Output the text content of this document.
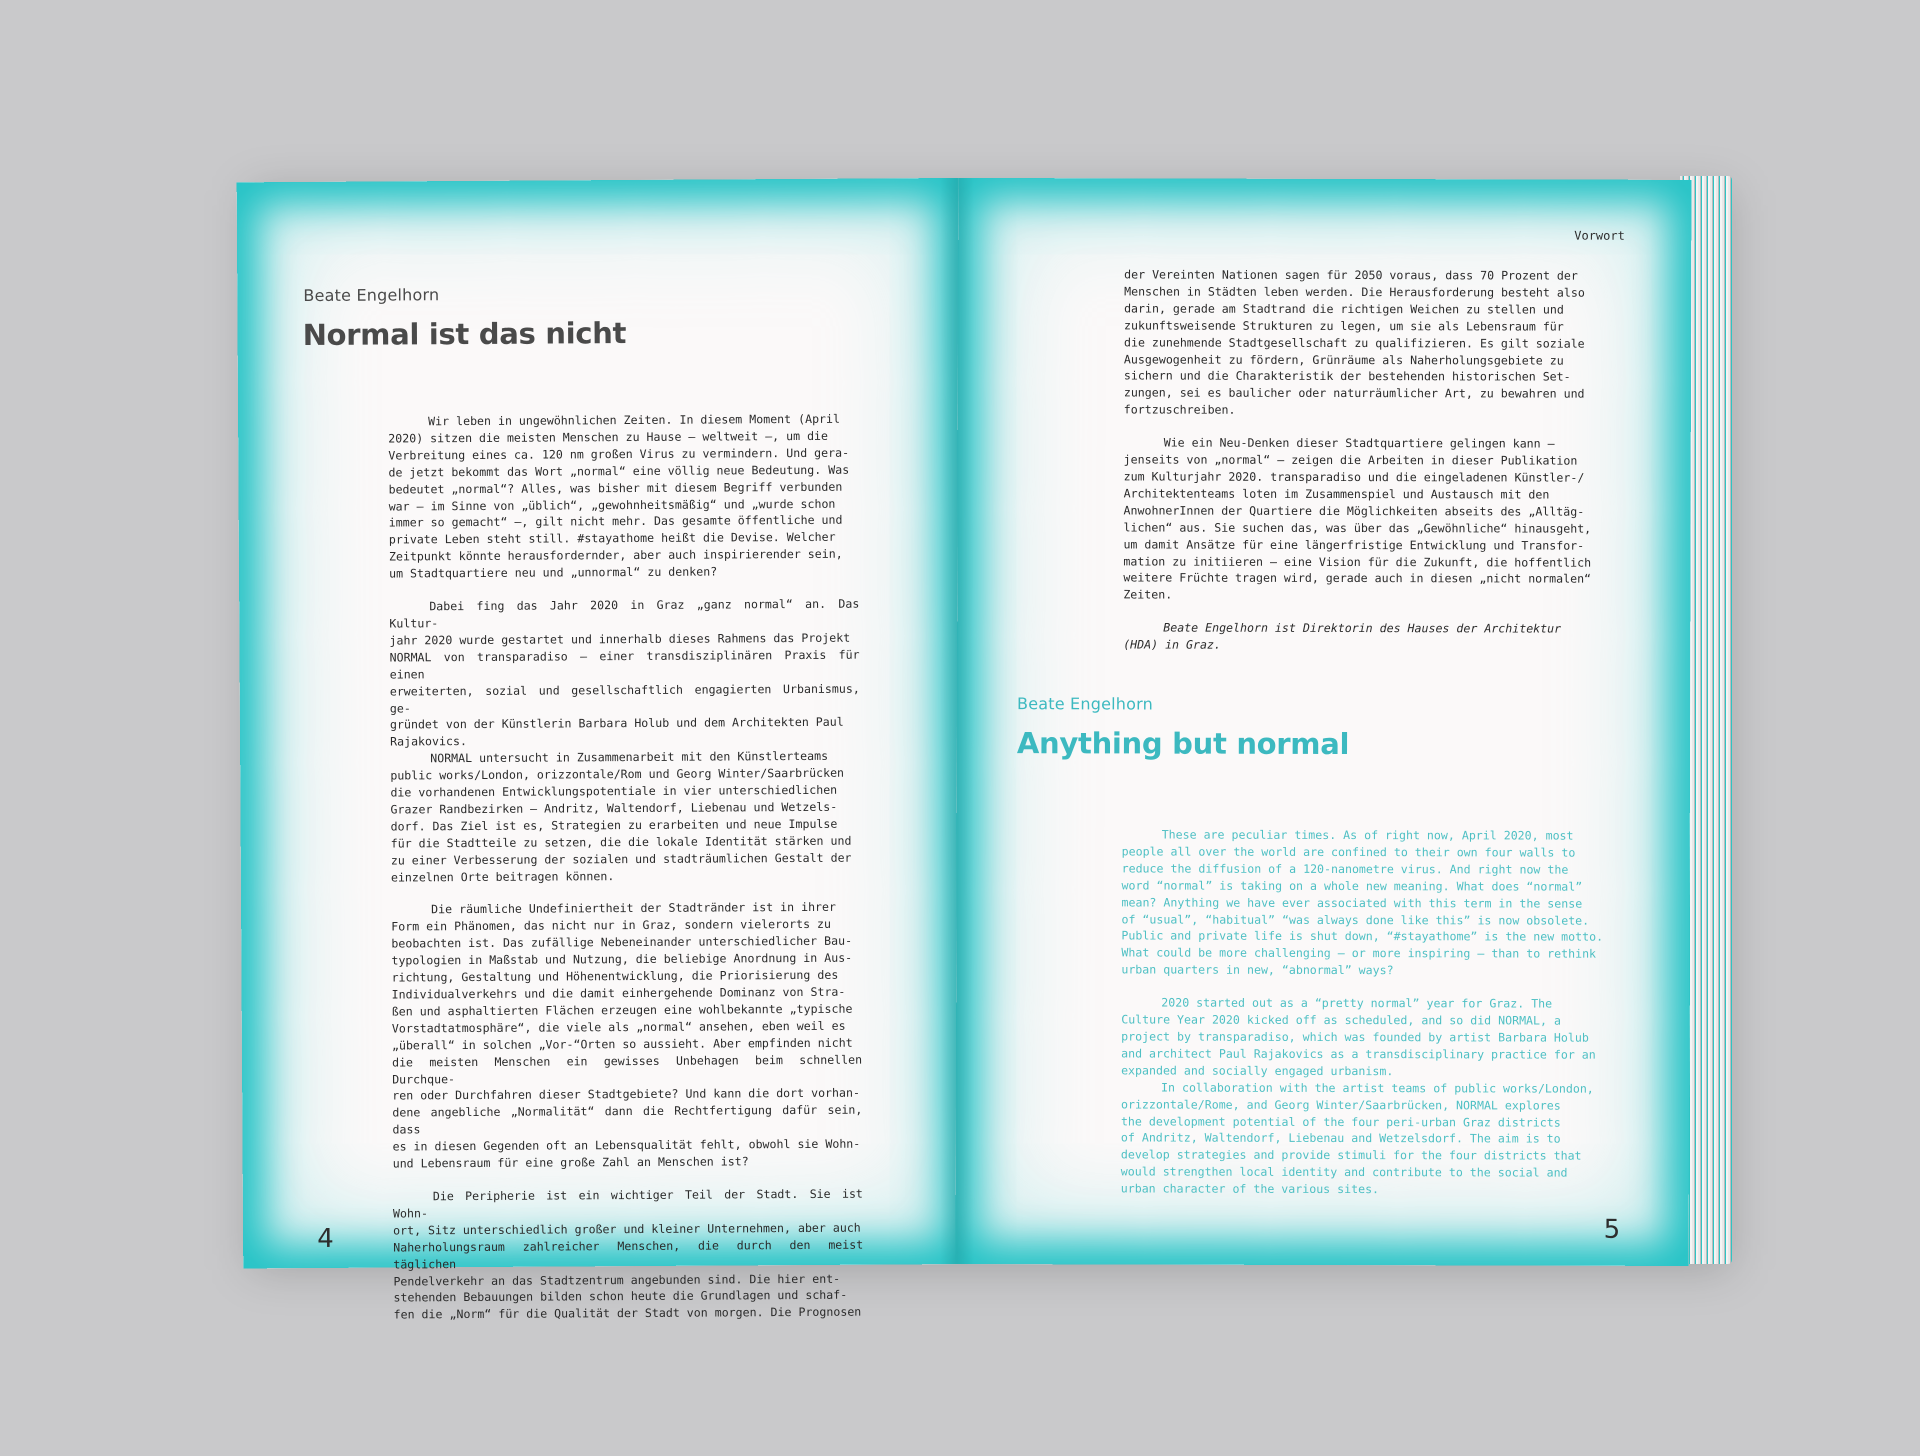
Beate Engelhorn
Normal ist das nicht

Wir leben in ungewöhnlichen Zeiten. In diesem Moment (April
2020) sitzen die meisten Menschen zu Hause – weltweit –, um die
Verbreitung eines ca. 120 nm großen Virus zu vermindern. Und gera-
de jetzt bekommt das Wort „normal“ eine völlig neue Bedeutung. Was
bedeutet „normal“? Alles, was bisher mit diesem Begriff verbunden
war – im Sinne von „üblich“, „gewohnheitsmäßig“ und „wurde schon
immer so gemacht“ –, gilt nicht mehr. Das gesamte öffentliche und
private Leben steht still. #stayathome heißt die Devise. Welcher
Zeitpunkt könnte herausfordernder, aber auch inspirierender sein,
um Stadtquartiere neu und „unnormal“ zu denken?

Dabei fing das Jahr 2020 in Graz „ganz normal“ an. Das Kultur-
jahr 2020 wurde gestartet und innerhalb dieses Rahmens das Projekt
NORMAL von transparadiso – einer transdisziplinären Praxis für einen
erweiterten, sozial und gesellschaftlich engagierten Urbanismus, ge-
gründet von der Künstlerin Barbara Holub und dem Architekten Paul
Rajakovics.

NORMAL untersucht in Zusammenarbeit mit den Künstlerteams
public works/London, orizzontale/Rom und Georg Winter/Saarbrücken
die vorhandenen Entwicklungspotentiale in vier unterschiedlichen
Grazer Randbezirken – Andritz, Waltendorf, Liebenau und Wetzels-
dorf. Das Ziel ist es, Strategien zu erarbeiten und neue Impulse
für die Stadtteile zu setzen, die die lokale Identität stärken und
zu einer Verbesserung der sozialen und stadträumlichen Gestalt der
einzelnen Orte beitragen können.

Die räumliche Undefiniertheit der Stadtränder ist in ihrer
Form ein Phänomen, das nicht nur in Graz, sondern vielerorts zu
beobachten ist. Das zufällige Nebeneinander unterschiedlicher Bau-
typologien in Maßstab und Nutzung, die beliebige Anordnung in Aus-
richtung, Gestaltung und Höhenentwicklung, die Priorisierung des
Individualverkehrs und die damit einhergehende Dominanz von Stra-
ßen und asphaltierten Flächen erzeugen eine wohlbekannte „typische
Vorstadtatmosphäre“, die viele als „normal“ ansehen, eben weil es
„überall“ in solchen „Vor-“Orten so aussieht. Aber empfinden nicht
die meisten Menschen ein gewisses Unbehagen beim schnellen Durchque-
ren oder Durchfahren dieser Stadtgebiete? Und kann die dort vorhan-
dene angebliche „Normalität“ dann die Rechtfertigung dafür sein, dass
es in diesen Gegenden oft an Lebensqualität fehlt, obwohl sie Wohn-
und Lebensraum für eine große Zahl an Menschen ist?

Die Peripherie ist ein wichtiger Teil der Stadt. Sie ist Wohn-
ort, Sitz unterschiedlich großer und kleiner Unternehmen, aber auch
Naherholungsraum zahlreicher Menschen, die durch den meist täglichen
Pendelverkehr an das Stadtzentrum angebunden sind. Die hier ent-
stehenden Bebauungen bilden schon heute die Grundlagen und schaf-
fen die „Norm“ für die Qualität der Stadt von morgen. Die Prognosen

4
Vorwort

der Vereinten Nationen sagen für 2050 voraus, dass 70 Prozent der
Menschen in Städten leben werden. Die Herausforderung besteht also
darin, gerade am Stadtrand die richtigen Weichen zu stellen und
zukunftsweisende Strukturen zu legen, um sie als Lebensraum für
die zunehmende Stadtgesellschaft zu qualifizieren. Es gilt soziale
Ausgewogenheit zu fördern, Grünräume als Naherholungsgebiete zu
sichern und die Charakteristik der bestehenden historischen Set-
zungen, sei es baulicher oder naturräumlicher Art, zu bewahren und
fortzuschreiben.

Wie ein Neu-Denken dieser Stadtquartiere gelingen kann –
jenseits von „normal“ – zeigen die Arbeiten in dieser Publikation
zum Kulturjahr 2020. transparadiso und die eingeladenen Künstler-/
Architektenteams loten im Zusammenspiel und Austausch mit den
AnwohnerInnen der Quartiere die Möglichkeiten abseits des „Alltäg-
lichen“ aus. Sie suchen das, was über das „Gewöhnliche“ hinausgeht,
um damit Ansätze für eine längerfristige Entwicklung und Transfor-
mation zu initiieren – eine Vision für die Zukunft, die hoffentlich
weitere Früchte tragen wird, gerade auch in diesen „nicht normalen“
Zeiten.

Beate Engelhorn ist Direktorin des Hauses der Architektur
(HDA) in Graz.

Beate Engelhorn
Anything but normal

These are peculiar times. As of right now, April 2020, most
people all over the world are confined to their own four walls to
reduce the diffusion of a 120-nanometre virus. And right now the
word “normal” is taking on a whole new meaning. What does “normal”
mean? Anything we have ever associated with this term in the sense
of “usual”, “habitual” “was always done like this” is now obsolete.
Public and private life is shut down, “#stayathome” is the new motto.
What could be more challenging – or more inspiring – than to rethink
urban quarters in new, “abnormal” ways?

2020 started out as a “pretty normal” year for Graz. The
Culture Year 2020 kicked off as scheduled, and so did NORMAL, a
project by transparadiso, which was founded by artist Barbara Holub
and architect Paul Rajakovics as a transdisciplinary practice for an
expanded and socially engaged urbanism.

In collaboration with the artist teams of public works/London,
orizzontale/Rome, and Georg Winter/Saarbrücken, NORMAL explores
the development potential of the four peri-urban Graz districts
of Andritz, Waltendorf, Liebenau and Wetzelsdorf. The aim is to
develop strategies and provide stimuli for the four districts that
would strengthen local identity and contribute to the social and
urban character of the various sites.

5
